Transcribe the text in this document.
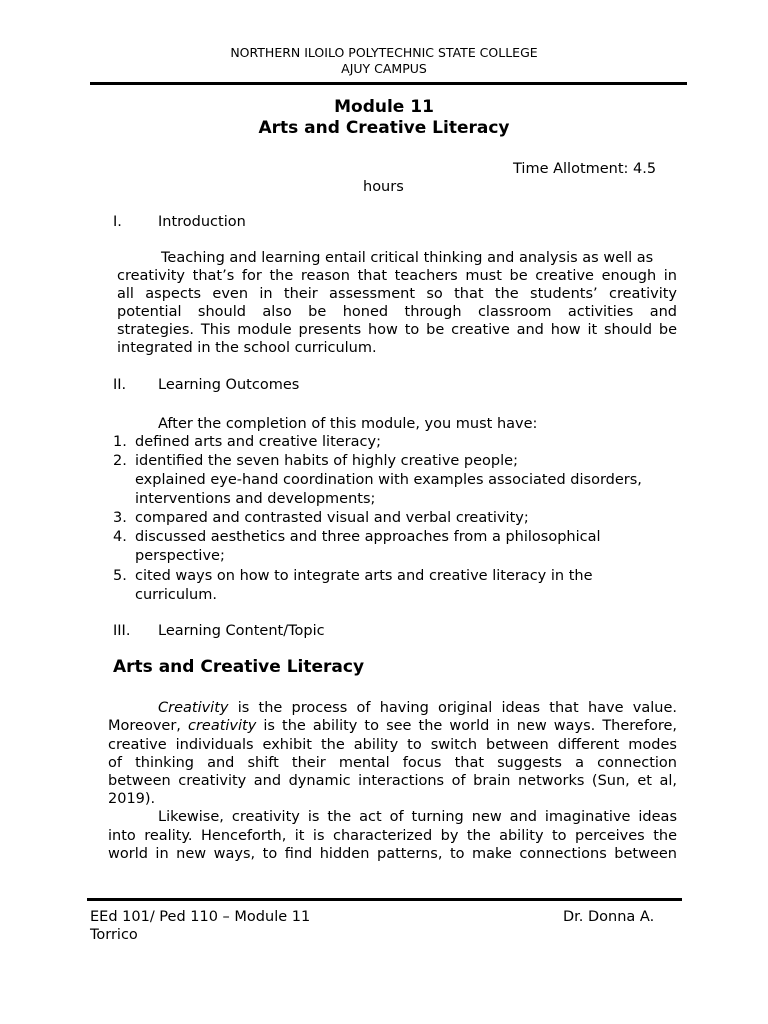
NORTHERN ILOILO POLYTECHNIC STATE COLLEGE
AJUY CAMPUS
Module 11
Arts and Creative Literacy
Time Allotment: 4.5
hours
I. Introduction
Teaching and learning entail critical thinking and analysis as well as
creativity that’s for the reason that teachers must be creative enough in
all aspects even in their assessment so that the students’ creativity
potential should also be honed through classroom activities and
strategies. This module presents how to be creative and how it should be
integrated in the school curriculum.
II. Learning Outcomes
After the completion of this module, you must have:
1. defined arts and creative literacy;
2. identified the seven habits of highly creative people;
explained eye-hand coordination with examples associated disorders,
interventions and developments;
3. compared and contrasted visual and verbal creativity;
4. discussed aesthetics and three approaches from a philosophical
perspective;
5. cited ways on how to integrate arts and creative literacy in the
curriculum.
III. Learning Content/Topic
Arts and Creative Literacy
Creativity is the process of having original ideas that have value.
Moreover, creativity is the ability to see the world in new ways. Therefore,
creative individuals exhibit the ability to switch between different modes
of thinking and shift their mental focus that suggests a connection
between creativity and dynamic interactions of brain networks (Sun, et al,
2019).
Likewise, creativity is the act of turning new and imaginative ideas
into reality. Henceforth, it is characterized by the ability to perceives the
world in new ways, to find hidden patterns, to make connections between
EEd 101/ Ped 110 – Module 11	Dr. Donna A.
Torrico
